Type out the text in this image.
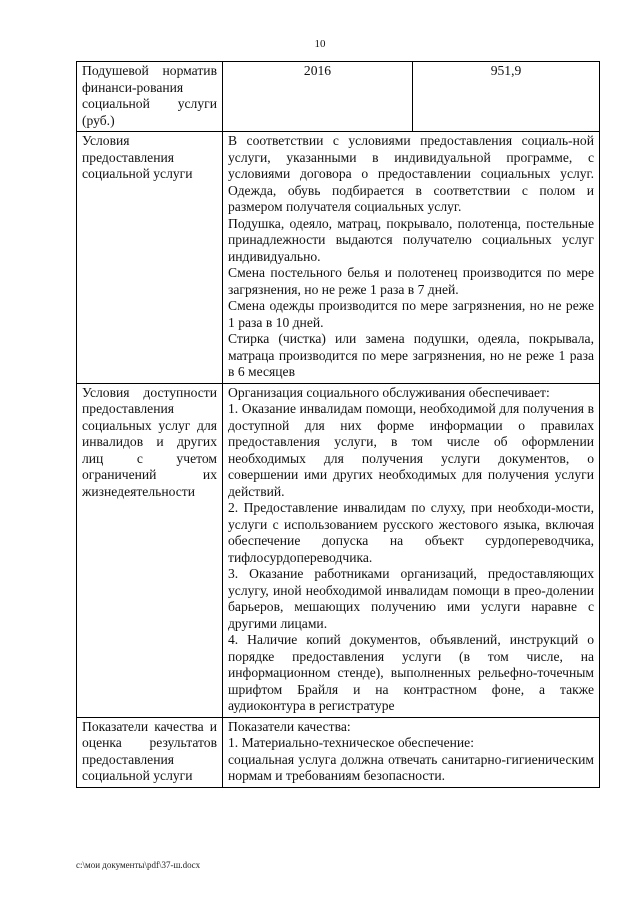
10
Подушевой норматив финанси-рования социальной услуги (руб.)	2016	951,9
Условия предоставления социальной услуги	В соответствии с условиями предоставления социаль-ной услуги, указанными в индивидуальной программе, с условиями договора о предоставлении социальных услуг. Одежда, обувь подбирается в соответствии с полом и размером получателя социальных услуг.

Подушка, одеяло, матрац, покрывало, полотенца, постельные принадлежности выдаются получателю социальных услуг индивидуально.

Смена постельного белья и полотенец производится по мере загрязнения, но не реже 1 раза в 7 дней.

Смена одежды производится по мере загрязнения, но не реже 1 раза в 10 дней.

Стирка (чистка) или замена подушки, одеяла, покрывала, матраца производится по мере загрязнения, но не реже 1 раза в 6 месяцев	

Условия доступности предоставления социальных услуг для инвалидов и других лиц с учетом ограничений их жизнедеятельности	Организация социального обслуживания обеспечивает:

1. Оказание инвалидам помощи, необходимой для получения в доступной для них форме информации о правилах предоставления услуги, в том числе об оформлении необходимых для получения услуги документов, о совершении ими других необходимых для получения услуги действий.

2. Предоставление инвалидам по слуху, при необходи-мости, услуги с использованием русского жестового языка, включая обеспечение допуска на объект сурдопереводчика, тифлосурдопереводчика.

3. Оказание работниками организаций, предоставляющих услугу, иной необходимой инвалидам помощи в прео-долении барьеров, мешающих получению ими услуги наравне с другими лицами.

4. Наличие копий документов, объявлений, инструкций о порядке предоставления услуги (в том числе, на информационном стенде), выполненных рельефно-точечным шрифтом Брайля и на контрастном фоне, а также аудиоконтура в регистратуре	

Показатели качества и оценка результатов предоставления социальной услуги	Показатели качества:

1. Материально-техническое обеспечение:

социальная услуга должна отвечать санитарно-гигиеническим нормам и требованиям безопасности.	

c:\мои документы\pdf\37-ш.docx
